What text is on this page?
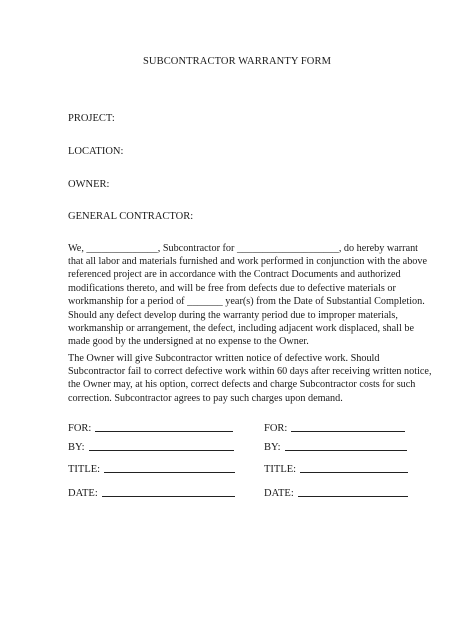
SUBCONTRACTOR WARRANTY FORM
PROJECT:
LOCATION:
OWNER:
GENERAL CONTRACTOR:

We, ______________, Subcontractor for ____________________, do hereby warrant

that all labor and materials furnished and work performed in conjunction with the above

referenced project are in accordance with the Contract Documents and authorized

modifications thereto, and will be free from defects due to defective materials or

workmanship for a period of _______ year(s) from the Date of Substantial Completion.

Should any defect develop during the warranty period due to improper materials,

workmanship or arrangement, the defect, including adjacent work displaced, shall be

made good by the undersigned at no expense to the Owner.

The Owner will give Subcontractor written notice of defective work. Should

Subcontractor fail to correct defective work within 60 days after receiving written notice,

the Owner may, at his option, correct defects and charge Subcontractor costs for such

correction. Subcontractor agrees to pay such charges upon demand.

FOR:
BY:
TITLE:
DATE:
FOR:
BY:
TITLE:
DATE:
